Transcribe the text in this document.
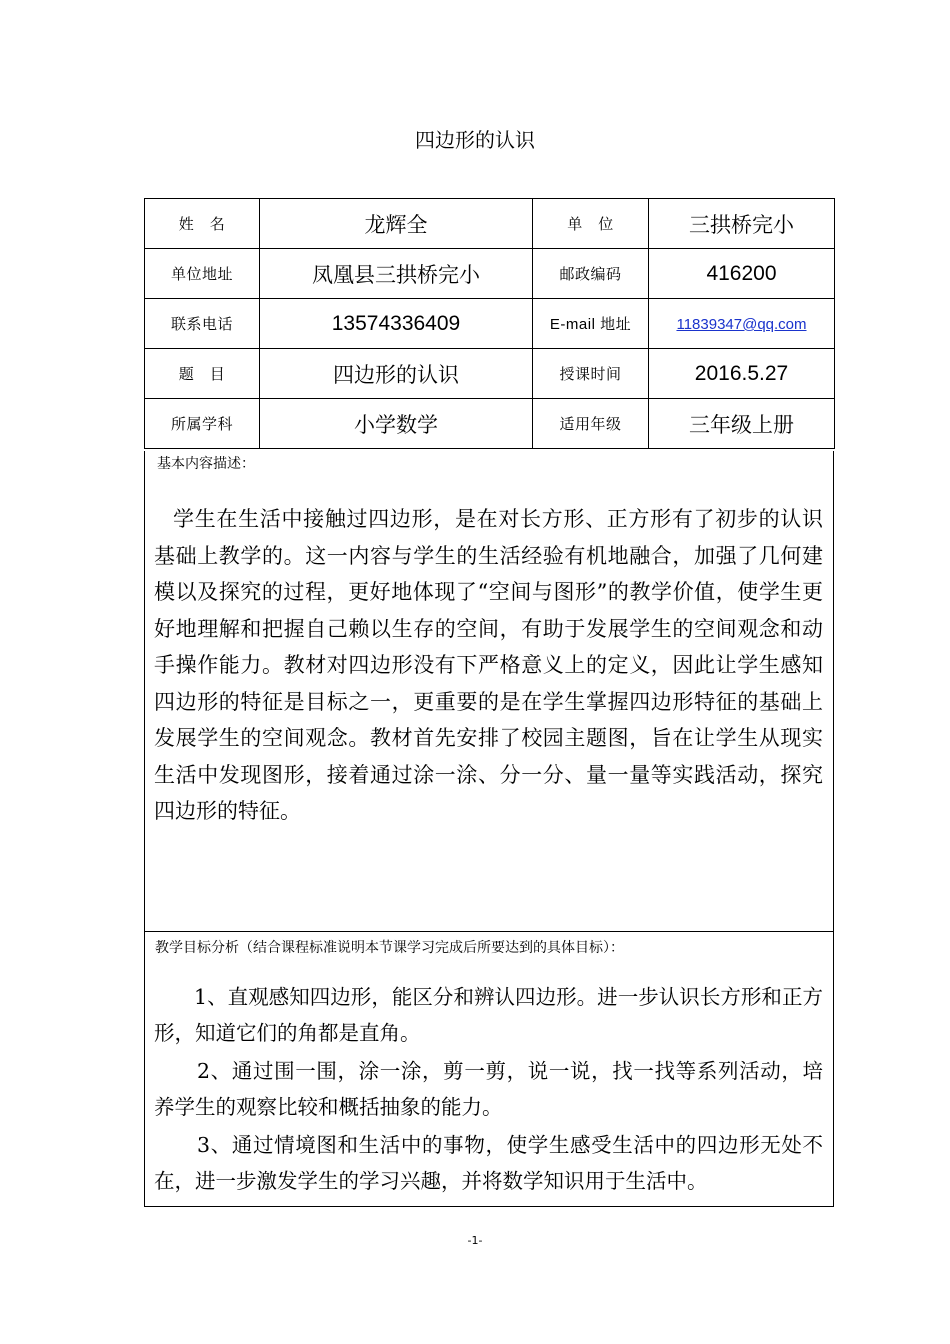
四边形的认识
姓　名	龙辉全	单　位	三拱桥完小
单位地址	凤凰县三拱桥完小	邮政编码	416200
联系电话	13574336409	E-mail 地址	11839347@qq.com
题　目	四边形的认识	授课时间	2016.5.27
所属学科	小学数学	适用年级	三年级上册
基本内容描述：

学生在生活中接触过四边形，是在对长方形、正方形有了初步的认识基础上教学的。这一内容与学生的生活经验有机地融合，加强了几何建模以及探究的过程，更好地体现了“空间与图形”的教学价值，使学生更好地理解和把握自己赖以生存的空间，有助于发展学生的空间观念和动手操作能力。教材对四边形没有下严格意义上的定义，因此让学生感知四边形的特征是目标之一，更重要的是在学生掌握四边形特征的基础上发展学生的空间观念。教材首先安排了校园主题图，旨在让学生从现实生活中发现图形，接着通过涂一涂、分一分、量一量等实践活动，探究四边形的特征。

教学目标分析（结合课程标准说明本节课学习完成后所要达到的具体目标）：

1、直观感知四边形，能区分和辨认四边形。进一步认识长方形和正方形，知道它们的角都是直角。

2、通过围一围，涂一涂，剪一剪，说一说，找一找等系列活动，培养学生的观察比较和概括抽象的能力。

3、通过情境图和生活中的事物，使学生感受生活中的四边形无处不在，进一步激发学生的学习兴趣，并将数学知识用于生活中。

-1-
